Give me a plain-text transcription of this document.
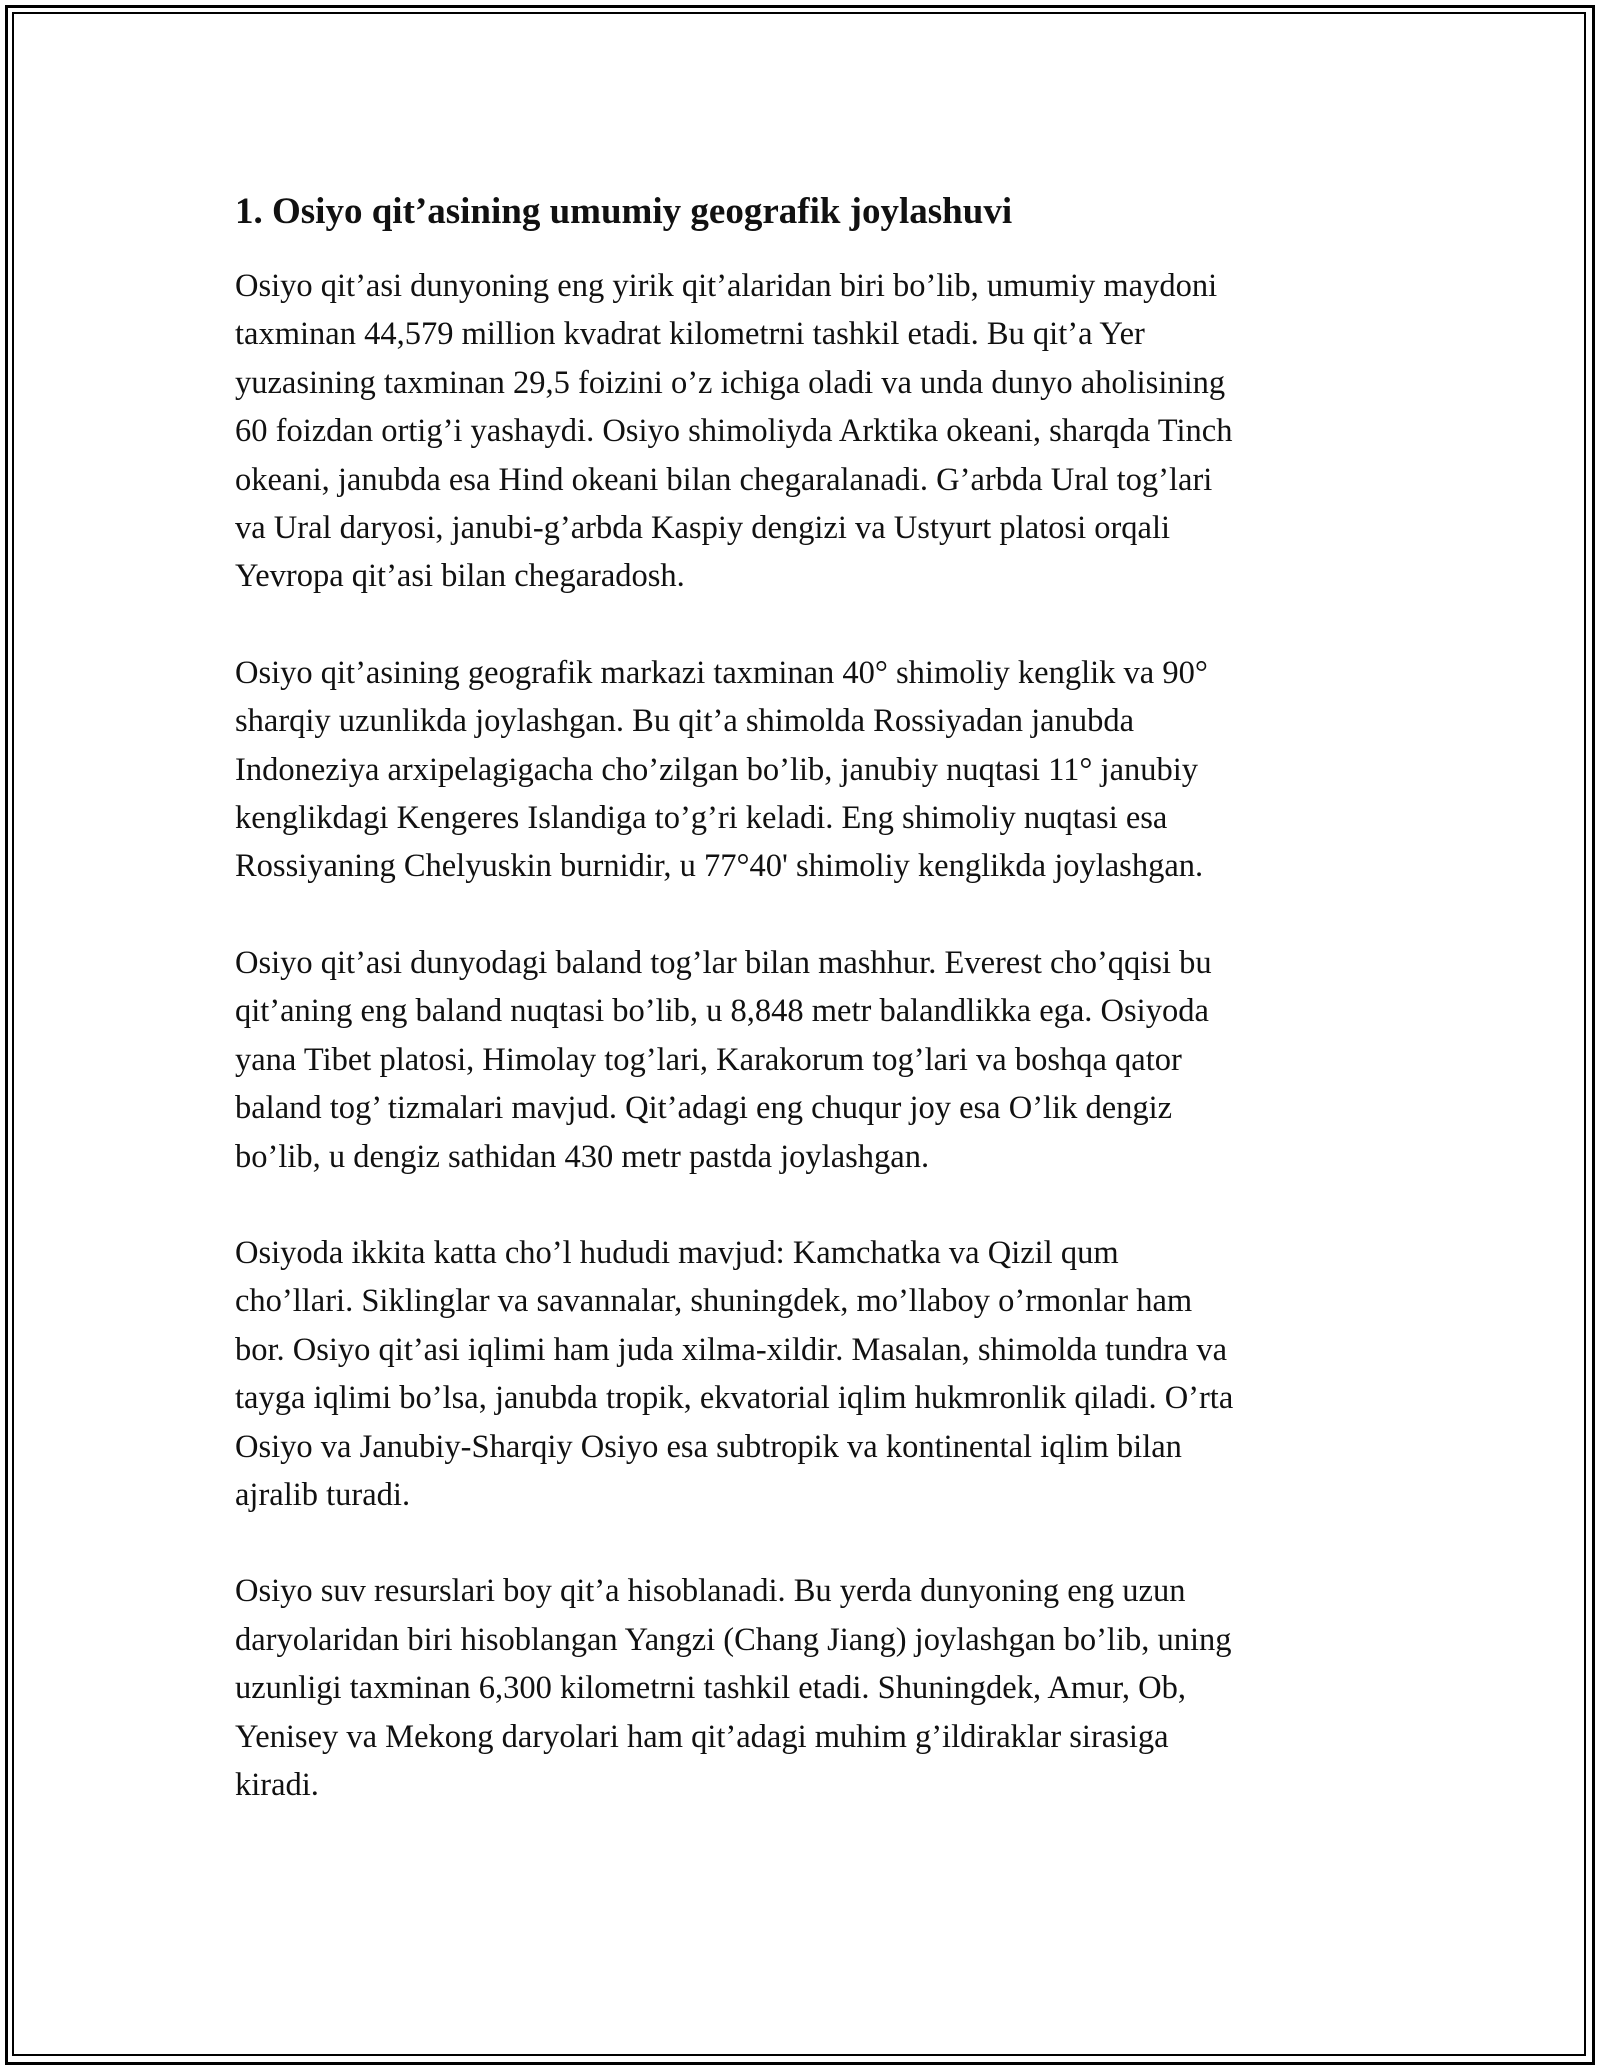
1. Osiyo qit’asining umumiy geografik joylashuvi

Osiyo qit’asi dunyoning eng yirik qit’alaridan biri bo’lib, umumiy maydoni
taxminan 44,579 million kvadrat kilometrni tashkil etadi. Bu qit’a Yer
yuzasining taxminan 29,5 foizini o’z ichiga oladi va unda dunyo aholisining
60 foizdan ortig’i yashaydi. Osiyo shimoliyda Arktika okeani, sharqda Tinch
okeani, janubda esa Hind okeani bilan chegaralanadi. G’arbda Ural tog’lari
va Ural daryosi, janubi-g’arbda Kaspiy dengizi va Ustyurt platosi orqali
Yevropa qit’asi bilan chegaradosh.

Osiyo qit’asining geografik markazi taxminan 40° shimoliy kenglik va 90°
sharqiy uzunlikda joylashgan. Bu qit’a shimolda Rossiyadan janubda
Indoneziya arxipelagigacha cho’zilgan bo’lib, janubiy nuqtasi 11° janubiy
kenglikdagi Kengeres Islandiga to’g’ri keladi. Eng shimoliy nuqtasi esa
Rossiyaning Chelyuskin burnidir, u 77°40' shimoliy kenglikda joylashgan.

Osiyo qit’asi dunyodagi baland tog’lar bilan mashhur. Everest cho’qqisi bu
qit’aning eng baland nuqtasi bo’lib, u 8,848 metr balandlikka ega. Osiyoda
yana Tibet platosi, Himolay tog’lari, Karakorum tog’lari va boshqa qator
baland tog’ tizmalari mavjud. Qit’adagi eng chuqur joy esa O’lik dengiz
bo’lib, u dengiz sathidan 430 metr pastda joylashgan.

Osiyoda ikkita katta cho’l hududi mavjud: Kamchatka va Qizil qum
cho’llari. Siklinglar va savannalar, shuningdek, mo’llaboy o’rmonlar ham
bor. Osiyo qit’asi iqlimi ham juda xilma-xildir. Masalan, shimolda tundra va
tayga iqlimi bo’lsa, janubda tropik, ekvatorial iqlim hukmronlik qiladi. O’rta
Osiyo va Janubiy-Sharqiy Osiyo esa subtropik va kontinental iqlim bilan
ajralib turadi.

Osiyo suv resurslari boy qit’a hisoblanadi. Bu yerda dunyoning eng uzun
daryolaridan biri hisoblangan Yangzi (Chang Jiang) joylashgan bo’lib, uning
uzunligi taxminan 6,300 kilometrni tashkil etadi. Shuningdek, Amur, Ob,
Yenisey va Mekong daryolari ham qit’adagi muhim g’ildiraklar sirasiga
kiradi.
